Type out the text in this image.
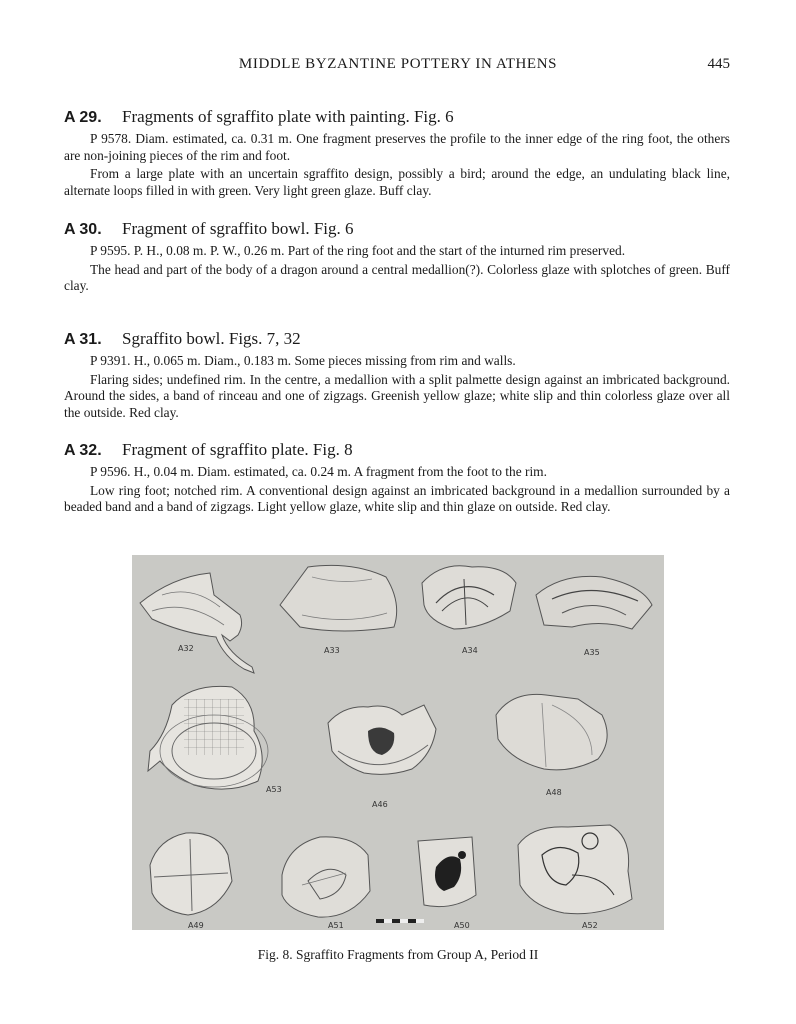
MIDDLE BYZANTINE POTTERY IN ATHENS	445
A 29. Fragments of sgraffito plate with painting. Fig. 6

P 9578. Diam. estimated, ca. 0.31 m. One fragment preserves the profile to the inner edge of the ring foot, the others are non-joining pieces of the rim and foot.

From a large plate with an uncertain sgraffito design, possibly a bird; around the edge, an undulating black line, alternate loops filled in with green. Very light green glaze. Buff clay.

A 30. Fragment of sgraffito bowl. Fig. 6

P 9595. P. H., 0.08 m. P. W., 0.26 m. Part of the ring foot and the start of the inturned rim preserved.

The head and part of the body of a dragon around a central medallion(?). Colorless glaze with splotches of green. Buff clay.

A 31. Sgraffito bowl. Figs. 7, 32

P 9391. H., 0.065 m. Diam., 0.183 m. Some pieces missing from rim and walls.

Flaring sides; undefined rim. In the centre, a medallion with a split palmette design against an imbricated background. Around the sides, a band of rinceau and one of zigzags. Greenish yellow glaze; white slip and thin colorless glaze over all the outside. Red clay.

A 32. Fragment of sgraffito plate. Fig. 8

P 9596. H., 0.04 m. Diam. estimated, ca. 0.24 m. A fragment from the foot to the rim.

Low ring foot; notched rim. A conventional design against an imbricated background in a medallion surrounded by a beaded band and a band of zigzags. Light yellow glaze, white slip and thin glaze on outside. Red clay.

A32	A33	A34	A35
A53
A46
A48
A49	A51	A50	A52
Fig. 8. Sgraffito Fragments from Group A, Period II
